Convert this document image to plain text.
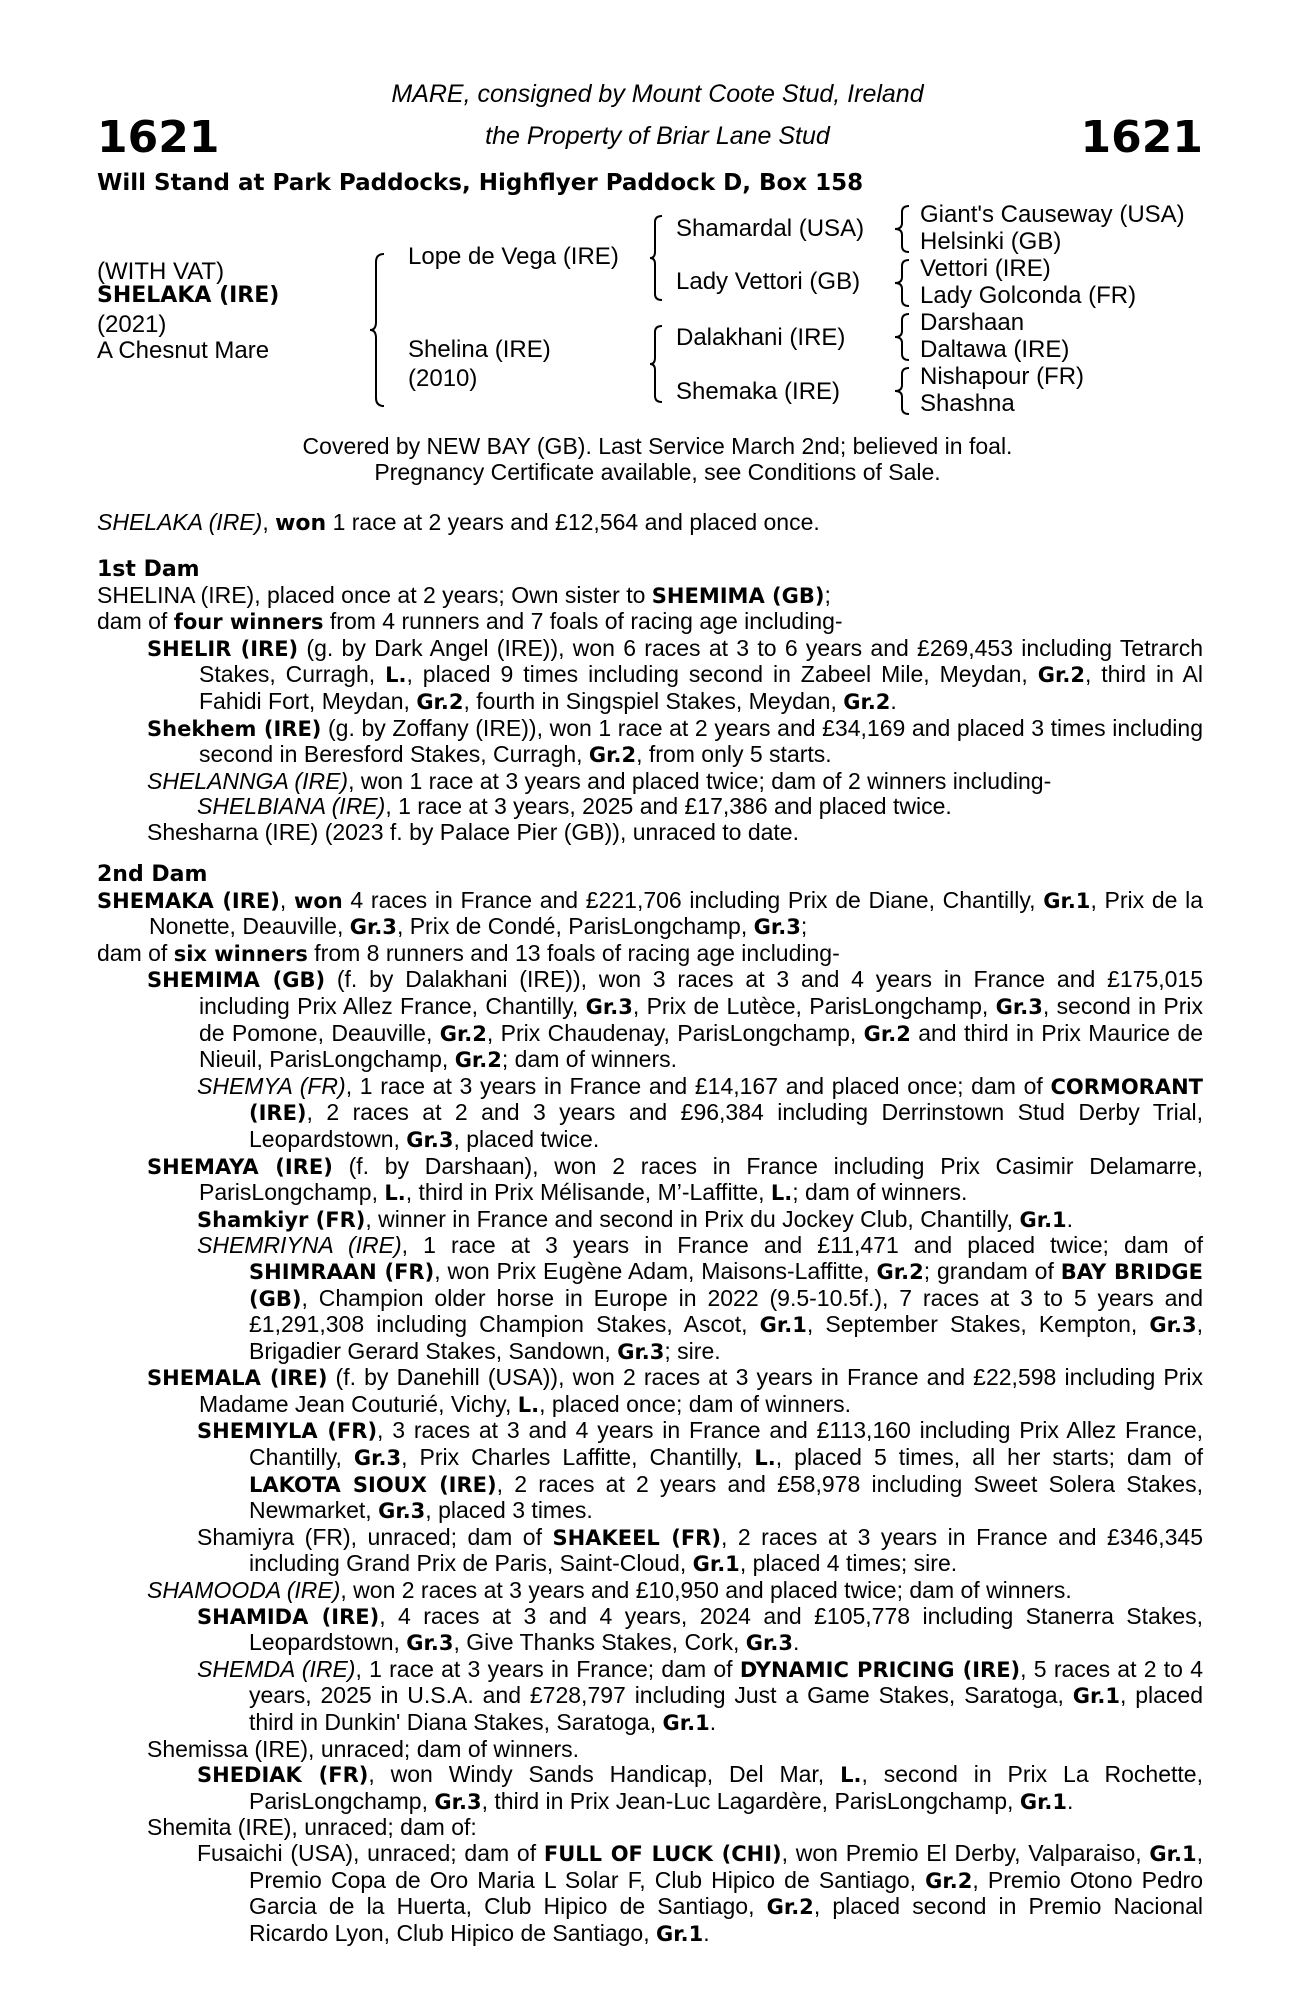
1621	1621
MARE, consigned by Mount Coote Stud, Ireland
the Property of Briar Lane Stud
Will Stand at Park Paddocks, Highflyer Paddock D, Box 158
(WITH VAT)
SHELAKA (IRE)
(2021)
A Chesnut Mare
Lope de Vega (IRE)
Shelina (IRE)
(2010)
Shamardal (USA)
Lady Vettori (GB)
Dalakhani (IRE)
Shemaka (IRE)
Giant's Causeway (USA)
Helsinki (GB)
Vettori (IRE)
Lady Golconda (FR)
Darshaan
Daltawa (IRE)
Nishapour (FR)
Shashna
Covered by NEW BAY (GB). Last Service March 2nd; believed in foal.
Pregnancy Certificate available, see Conditions of Sale.
SHELAKA (IRE), won 1 race at 2 years and £12,564 and placed once.
1st Dam

SHELINA (IRE), placed once at 2 years; Own sister to SHEMIMA (GB);

dam of four winners from 4 runners and 7 foals of racing age including-

SHELIR (IRE) (g. by Dark Angel (IRE)), won 6 races at 3 to 6 years and £269,453 including Tetrarch Stakes, Curragh, L., placed 9 times including second in Zabeel Mile, Meydan, Gr.2, third in Al Fahidi Fort, Meydan, Gr.2, fourth in Singspiel Stakes, Meydan, Gr.2.

Shekhem (IRE) (g. by Zoffany (IRE)), won 1 race at 2 years and £34,169 and placed 3 times including second in Beresford Stakes, Curragh, Gr.2, from only 5 starts.

SHELANNGA (IRE), won 1 race at 3 years and placed twice; dam of 2 winners including-

SHELBIANA (IRE), 1 race at 3 years, 2025 and £17,386 and placed twice.

Shesharna (IRE) (2023 f. by Palace Pier (GB)), unraced to date.

2nd Dam

SHEMAKA (IRE), won 4 races in France and £221,706 including Prix de Diane, Chantilly, Gr.1, Prix de la Nonette, Deauville, Gr.3, Prix de Condé, ParisLongchamp, Gr.3;

dam of six winners from 8 runners and 13 foals of racing age including-

SHEMIMA (GB) (f. by Dalakhani (IRE)), won 3 races at 3 and 4 years in France and £175,015 including Prix Allez France, Chantilly, Gr.3, Prix de Lutèce, ParisLongchamp, Gr.3, second in Prix de Pomone, Deauville, Gr.2, Prix Chaudenay, ParisLongchamp, Gr.2 and third in Prix Maurice de Nieuil, ParisLongchamp, Gr.2; dam of winners.

SHEMYA (FR), 1 race at 3 years in France and £14,167 and placed once; dam of CORMORANT (IRE), 2 races at 2 and 3 years and £96,384 including Derrinstown Stud Derby Trial, Leopardstown, Gr.3, placed twice.

SHEMAYA (IRE) (f. by Darshaan), won 2 races in France including Prix Casimir Delamarre, ParisLongchamp, L., third in Prix Mélisande, M’-Laffitte, L.; dam of winners.

Shamkiyr (FR), winner in France and second in Prix du Jockey Club, Chantilly, Gr.1.

SHEMRIYNA (IRE), 1 race at 3 years in France and £11,471 and placed twice; dam of SHIMRAAN (FR), won Prix Eugène Adam, Maisons-Laffitte, Gr.2; grandam of BAY BRIDGE (GB), Champion older horse in Europe in 2022 (9.5-10.5f.), 7 races at 3 to 5 years and £1,291,308 including Champion Stakes, Ascot, Gr.1, September Stakes, Kempton, Gr.3, Brigadier Gerard Stakes, Sandown, Gr.3; sire.

SHEMALA (IRE) (f. by Danehill (USA)), won 2 races at 3 years in France and £22,598 including Prix Madame Jean Couturié, Vichy, L., placed once; dam of winners.

SHEMIYLA (FR), 3 races at 3 and 4 years in France and £113,160 including Prix Allez France, Chantilly, Gr.3, Prix Charles Laffitte, Chantilly, L., placed 5 times, all her starts; dam of LAKOTA SIOUX (IRE), 2 races at 2 years and £58,978 including Sweet Solera Stakes, Newmarket, Gr.3, placed 3 times.

Shamiyra (FR), unraced; dam of SHAKEEL (FR), 2 races at 3 years in France and £346,345 including Grand Prix de Paris, Saint-Cloud, Gr.1, placed 4 times; sire.

SHAMOODA (IRE), won 2 races at 3 years and £10,950 and placed twice; dam of winners.

SHAMIDA (IRE), 4 races at 3 and 4 years, 2024 and £105,778 including Stanerra Stakes, Leopardstown, Gr.3, Give Thanks Stakes, Cork, Gr.3.

SHEMDA (IRE), 1 race at 3 years in France; dam of DYNAMIC PRICING (IRE), 5 races at 2 to 4 years, 2025 in U.S.A. and £728,797 including Just a Game Stakes, Saratoga, Gr.1, placed third in Dunkin' Diana Stakes, Saratoga, Gr.1.

Shemissa (IRE), unraced; dam of winners.

SHEDIAK (FR), won Windy Sands Handicap, Del Mar, L., second in Prix La Rochette, ParisLongchamp, Gr.3, third in Prix Jean-Luc Lagardère, ParisLongchamp, Gr.1.

Shemita (IRE), unraced; dam of:

Fusaichi (USA), unraced; dam of FULL OF LUCK (CHI), won Premio El Derby, Valparaiso, Gr.1, Premio Copa de Oro Maria L Solar F, Club Hipico de Santiago, Gr.2, Premio Otono Pedro Garcia de la Huerta, Club Hipico de Santiago, Gr.2, placed second in Premio Nacional Ricardo Lyon, Club Hipico de Santiago, Gr.1.
